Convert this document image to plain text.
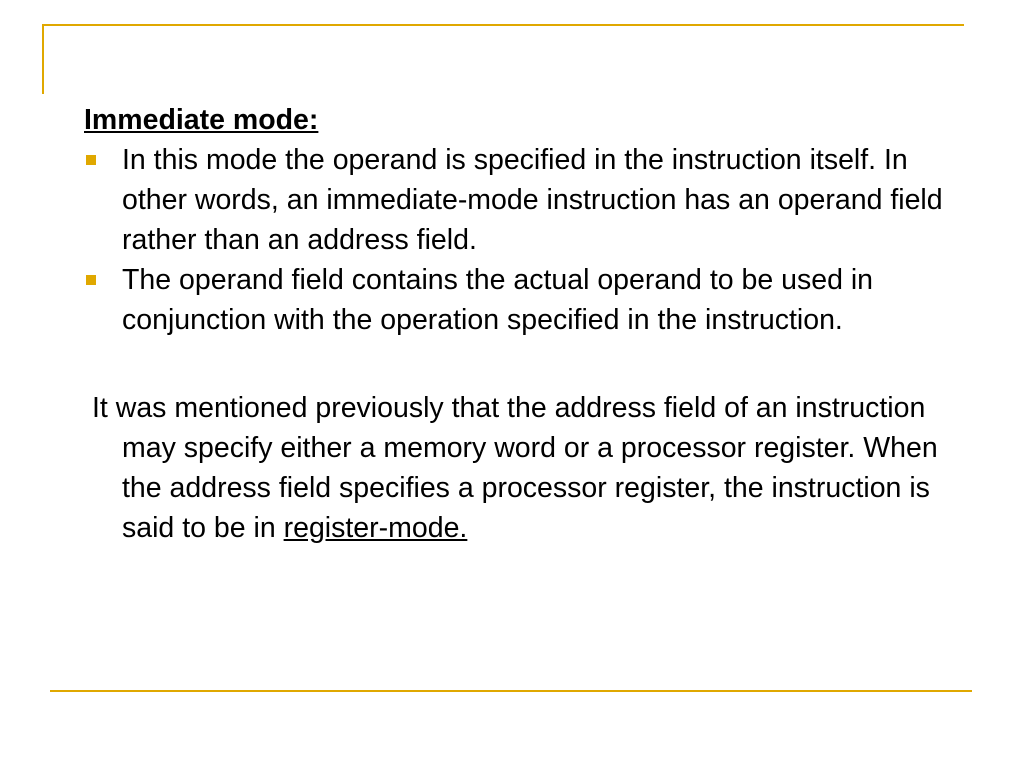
Immediate mode:

In this mode the operand is specified in the instruction itself. In other words, an immediate-mode instruction has an operand field rather than an address field.
The operand field contains the actual operand to be used in conjunction with the operation specified in the instruction.

It was mentioned previously that the address field of an instruction may specify either a memory word or a processor register. When the address field specifies a processor register, the instruction is said to be in register-mode.
